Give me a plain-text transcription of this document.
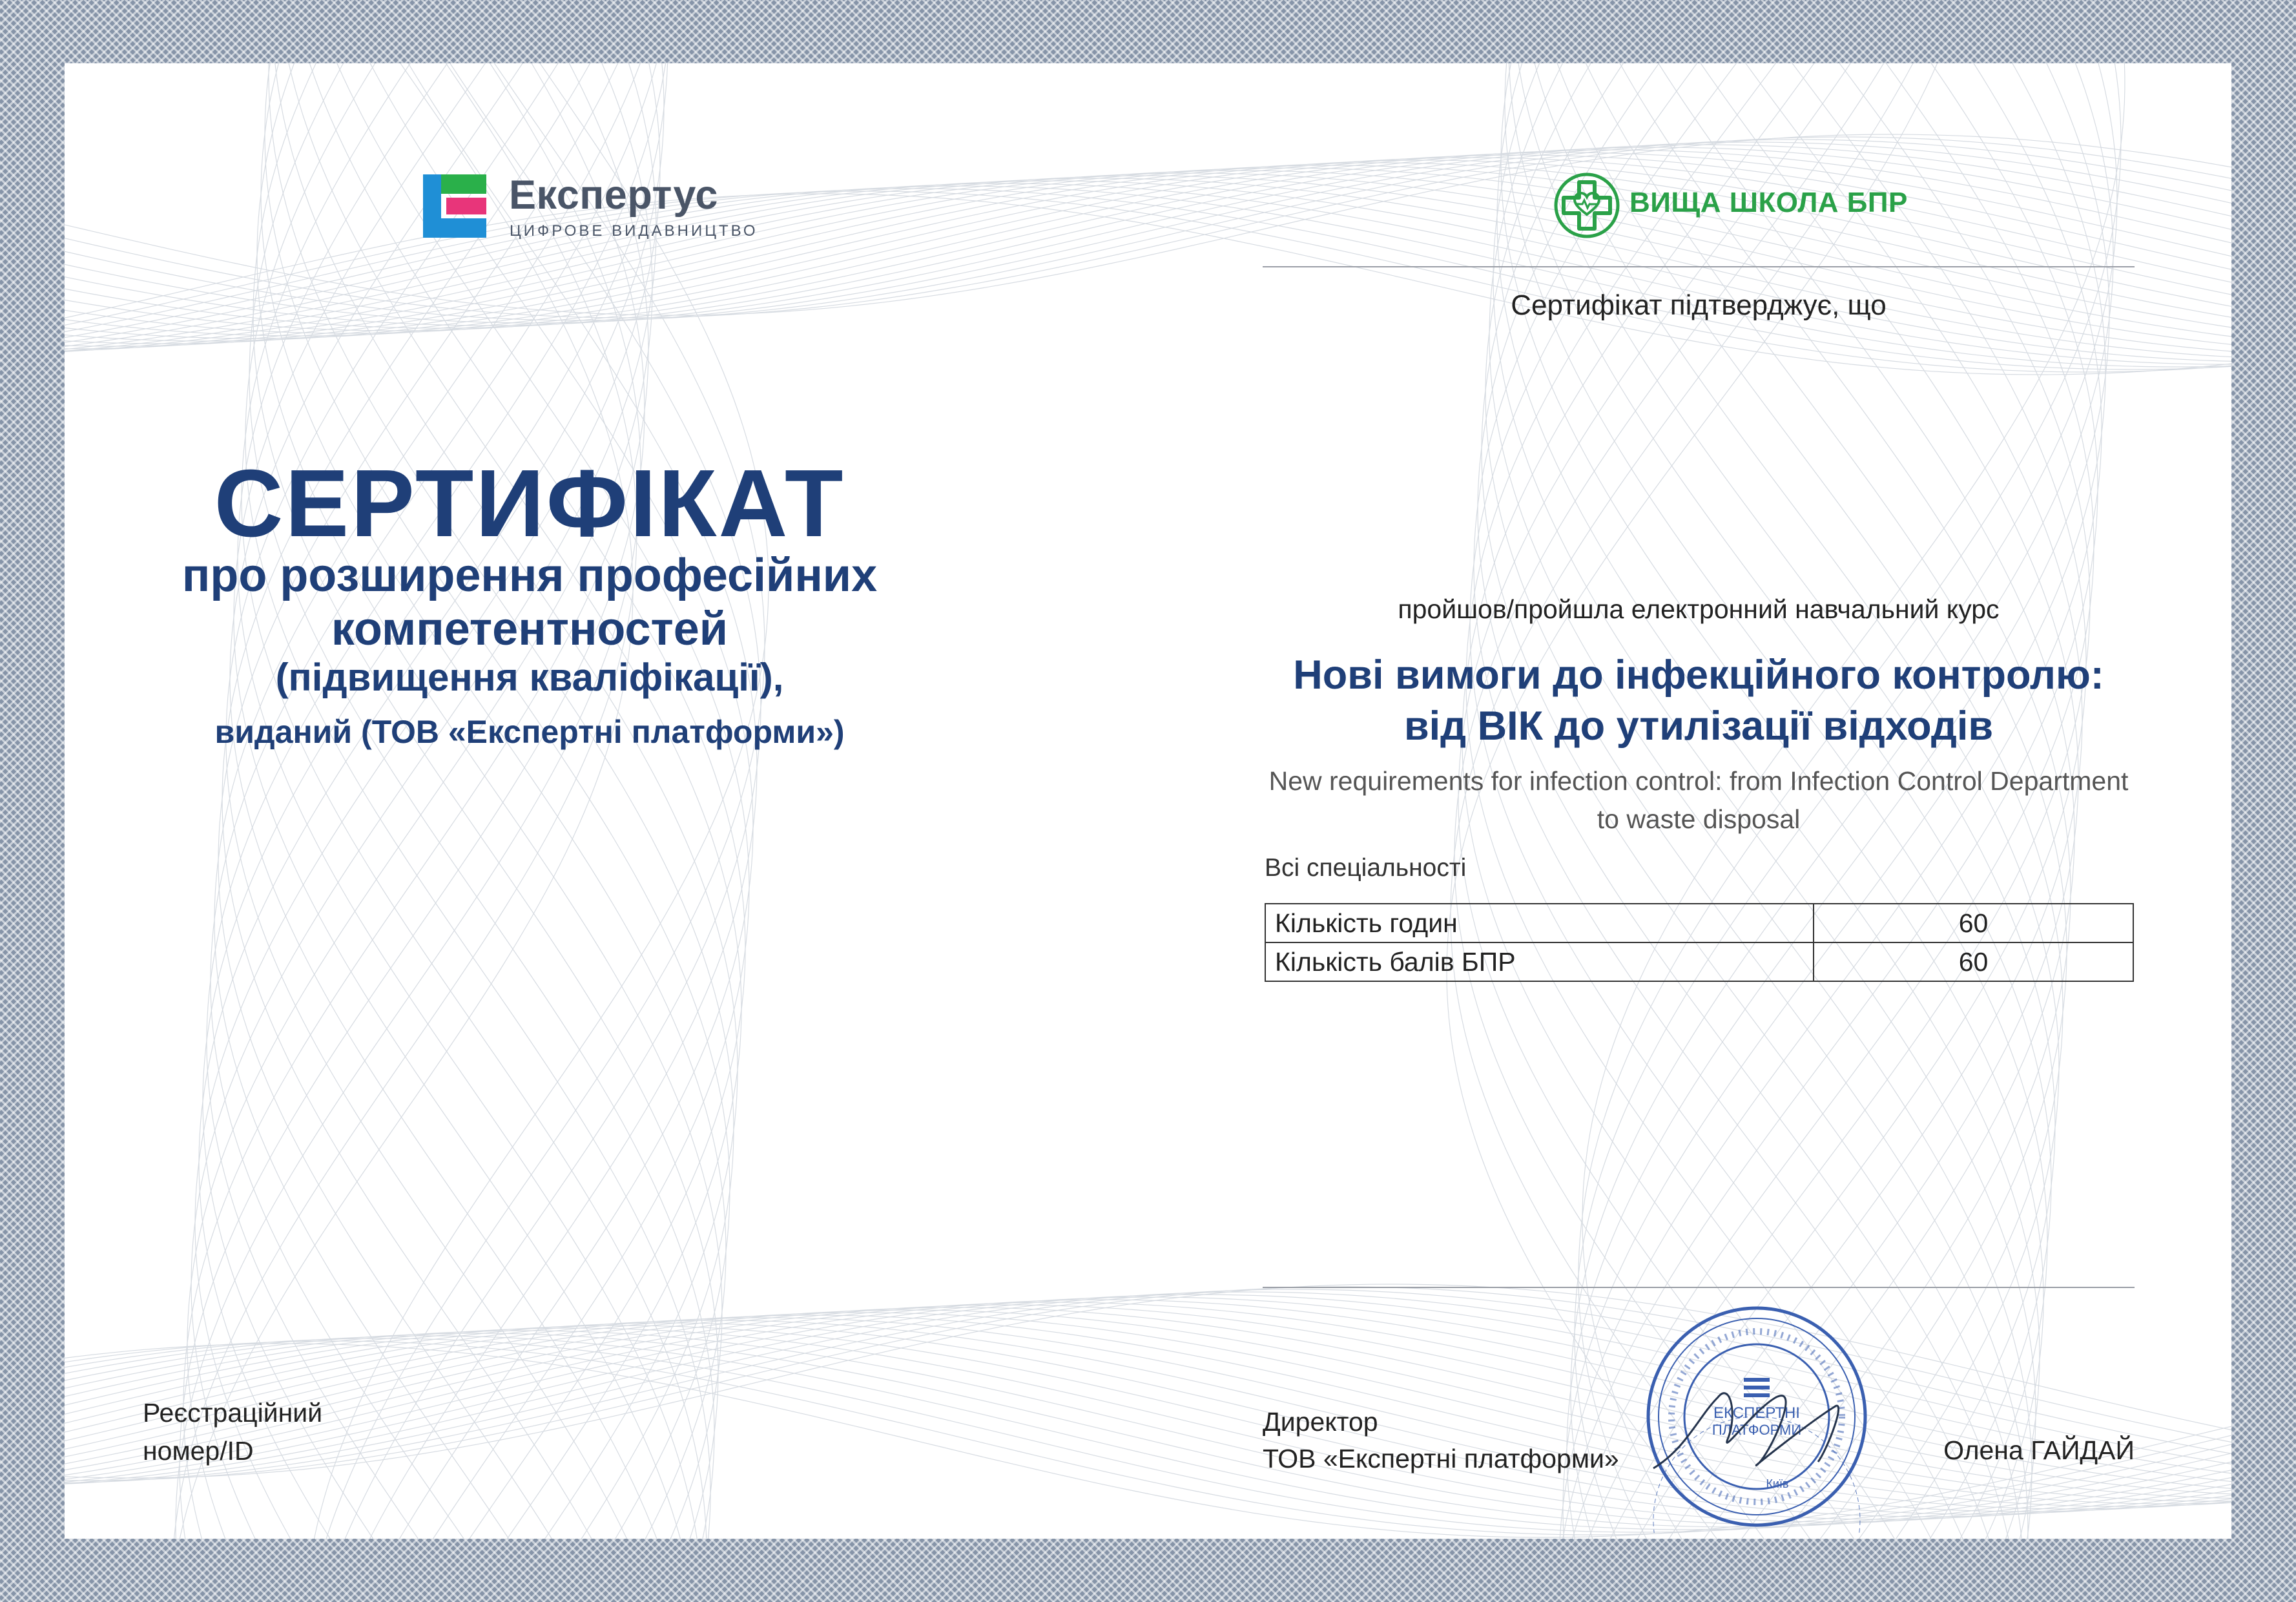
Експертус
ЦИФРОВЕ ВИДАВНИЦТВО
СЕРТИФІКАТ
про розширення професійних
компетентностей
(підвищення кваліфікації),
виданий (ТОВ «Експертні платформи»)
Реєстраційний
номер/ID
ВИЩА ШКОЛА БПР
Сертифікат підтверджує, що
пройшов/пройшла електронний навчальний курс
Нові вимоги до інфекційного контролю:
від ВІК до утилізації відходів
New requirements for infection control: from Infection Control Department
to waste disposal
Всі спеціальності
Кількість годин	60
Кількість балів БПР	60
Директор
ТОВ «Експертні платформи»	Олена ГАЙДАЙ
ЕКСПЕРТНІ
ПЛАТФОРМИ
Київ
